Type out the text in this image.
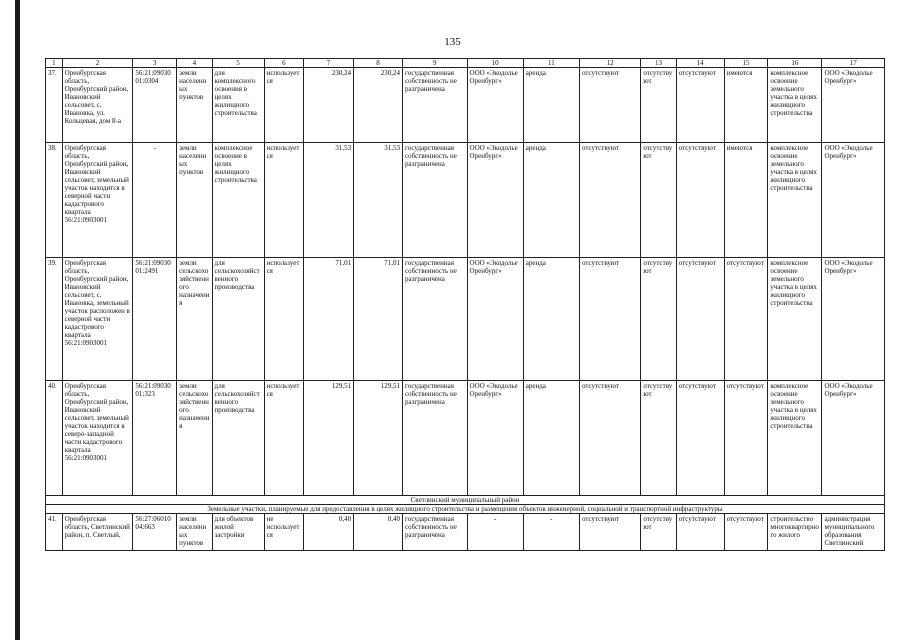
135
1	2	3	4	5	6	7	8	9	10	11	12	13	14	15	16	17
37.	Оренбургская область, Оренбургский район, Ивановский сельсовет, с. Ивановка, ул. Кольцевая, дом 8-а	56:21:0903001:0304	земли населенных пунктов	для комплексного освоения в целях жилищного строительства	используется	230,24	230,24	государственная собственность не разграничена	ООО «Экодолье Оренбург»	аренда	отсутствуют	отсутствуют	отсутствуют	имеются	комплексное освоение земельного участка в целях жилищного строительства	ООО «Экодолье Оренбург»
38.	Оренбургская область, Оренбургский район, Ивановский сельсовет, земельный участок находится в северной части кадастрового квартала 56:21:0903001	-	земли населенных пунктов	комплексное освоение в целях жилищного строительства	используется	31,53	31,53	государственная собственность не разграничена	ООО «Экодолье Оренбург»	аренда	отсутствуют	отсутствуют	отсутствуют	имеются	комплексное освоение земельного участка в целях жилищного строительства	ООО «Экодолье Оренбург»
39.	Оренбургская область, Оренбургский район, Ивановский сельсовет, с. Ивановка, земельный участок расположен в северной части кадастрового квартала 56:21:0903001	56:21:0903001:2491	земли сельскохозяйственного назначения	для сельскохозяйственного производства	используется	71,01	71,01	государственная собственность не разграничена	ООО «Экодолье Оренбург»	аренда	отсутствуют	отсутствуют	отсутствуют	отсутствуют	комплексное освоение земельного участка в целях жилищного строительства	ООО «Экодолье Оренбург»
40.	Оренбургская область, Оренбургский район, Ивановский сельсовет, земельный участок находится в северо-западной части кадастрового квартала 56:21:0903001	56:21:0903001:323	земли сельскохозяйственного назначения	для сельскохозяйственного производства	используется	129,51	129,51	государственная собственность не разграничена	ООО «Экодолье Оренбург»	аренда	отсутствуют	отсутствуют	отсутствуют	отсутствуют	комплексное освоение земельного участка в целях жилищного строительства	ООО «Экодолье Оренбург»
Светлинский муниципальный район																
Земельные участки, планируемые для предоставления в целях жилищного строительства и размещения объектов инженерной, социальной и транспортной инфраструктуры																
41.	Оренбургская область, Светлинский район, п. Светлый,	56:27:0601004:663	земли населенных пунктов	для объектов жилой застройки	не используется	0,40	0,40	государственная собственность не разграничена	-	-	отсутствуют	отсутствуют	отсутствуют	отсутствуют	строительство многоквартирного жилого	администрация муниципального образования Светлинский
